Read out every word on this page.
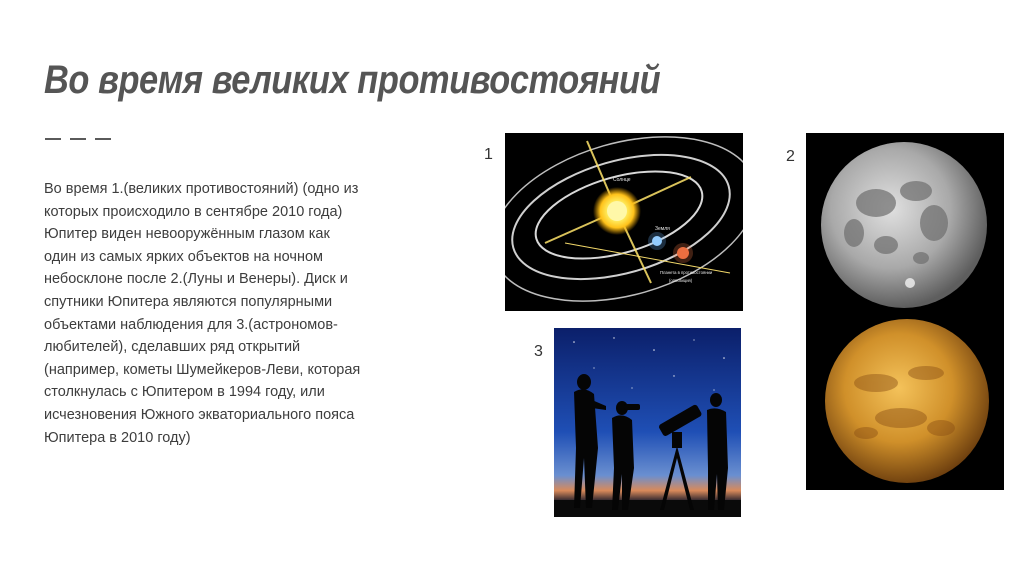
Во время великих противостояний
Во время 1.(великих противостояний) (одно из которых происходило в сентябре 2010 года) Юпитер виден невооружённым глазом как один из самых ярких объектов на ночном небосклоне после 2.(Луны и Венеры). Диск и спутники Юпитера являются популярными объектами наблюдения для 3.(астрономов-любителей), сделавших ряд открытий (например, кометы Шумейкеров-Леви, которая столкнулась с Юпитером в 1994 году, или исчезновения Южного экваториального пояса Юпитера в 2010 году)
1
Солнце
Земля
Планета в противостоянии
(оппозиция)
2
3
